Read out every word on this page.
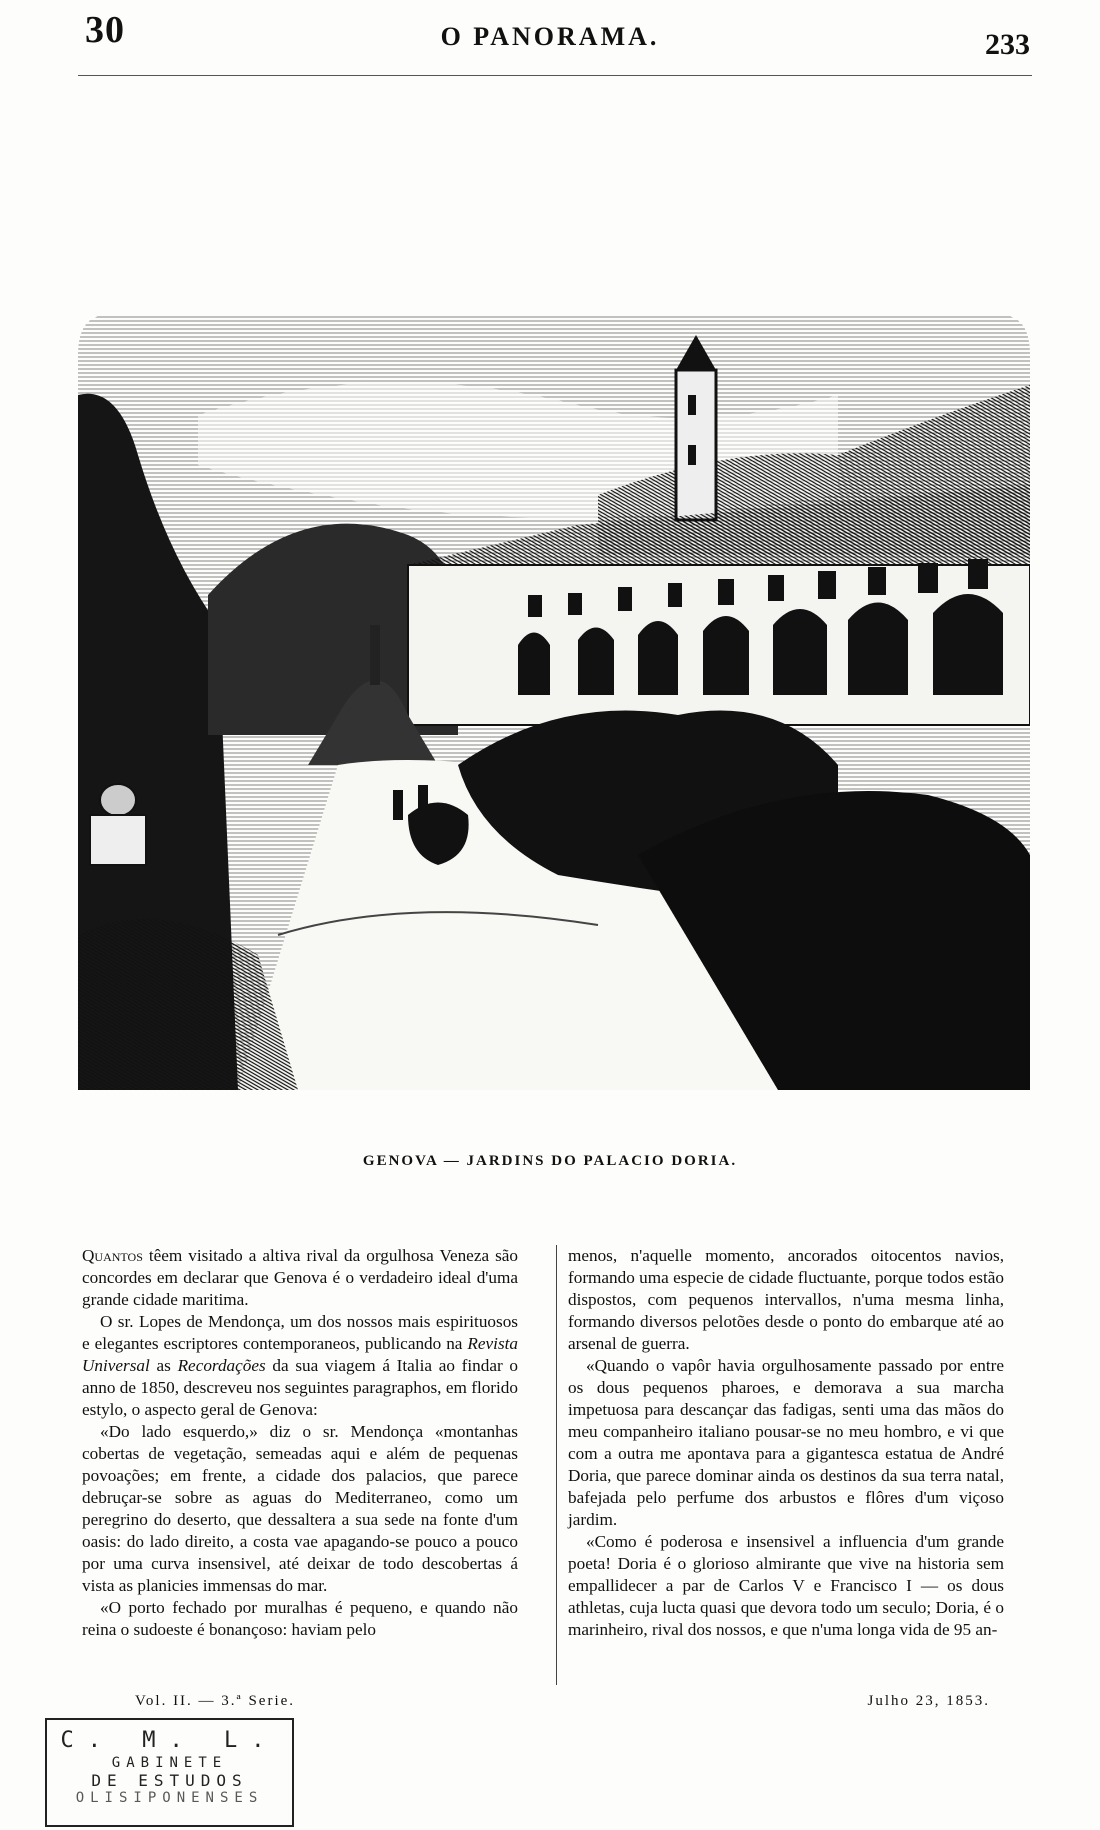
30	O PANORAMA.	233
GENOVA — JARDINS DO PALACIO DORIA.

Quantos têem visitado a altiva rival da orgulhosa Veneza são concordes em declarar que Genova é o verdadeiro ideal d'uma grande cidade maritima.

O sr. Lopes de Mendonça, um dos nossos mais espirituosos e elegantes escriptores contemporaneos, publicando na Revista Universal as Recordações da sua viagem á Italia ao findar o anno de 1850, descreveu nos seguintes paragraphos, em florido estylo, o aspecto geral de Genova:

«Do lado esquerdo,» diz o sr. Mendonça «montanhas cobertas de vegetação, semeadas aqui e além de pequenas povoações; em frente, a cidade dos palacios, que parece debruçar-se sobre as aguas do Mediterraneo, como um peregrino do deserto, que dessaltera a sua sede na fonte d'um oasis: do lado direito, a costa vae apagando-se pouco a pouco por uma curva insensivel, até deixar de todo descobertas á vista as planicies immensas do mar.

«O porto fechado por muralhas é pequeno, e quando não reina o sudoeste é bonançoso: haviam pelo

menos, n'aquelle momento, ancorados oitocentos navios, formando uma especie de cidade fluctuante, porque todos estão dispostos, com pequenos intervallos, n'uma mesma linha, formando diversos pelotões desde o ponto do embarque até ao arsenal de guerra.

«Quando o vapôr havia orgulhosamente passado por entre os dous pequenos pharoes, e demorava a sua marcha impetuosa para descançar das fadigas, senti uma das mãos do meu companheiro italiano pousar-se no meu hombro, e vi que com a outra me apontava para a gigantesca estatua de André Doria, que parece dominar ainda os destinos da sua terra natal, bafejada pelo perfume dos arbustos e flôres d'um viçoso jardim.

«Como é poderosa e insensivel a influencia d'um grande poeta! Doria é o glorioso almirante que vive na historia sem empallidecer a par de Carlos V e Francisco I — os dous athletas, cuja lucta quasi que devora todo um seculo; Doria, é o marinheiro, rival dos nossos, e que n'uma longa vida de 95 an-

Vol. II. — 3.ª Serie.	Julho 23, 1853.
C. M. L.
GABINETE
DE ESTUDOS
OLISIPONENSES
